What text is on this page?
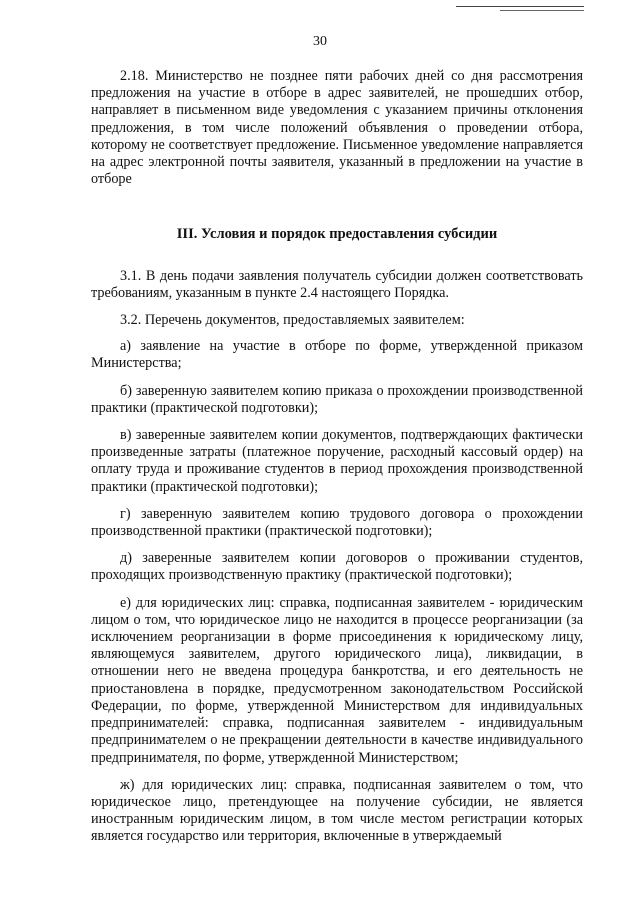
30

2.18. Министерство не позднее пяти рабочих дней со дня рассмотрения предложения на участие в отборе в адрес заявителей, не прошедших отбор, направляет в письменном виде уведомления с указанием причины отклонения предложения, в том числе положений объявления о проведении отбора, которому не соответствует предложение. Письменное уведомление направляется на адрес электронной почты заявителя, указанный в предложении на участие в отборе

III. Условия и порядок предоставления субсидии

3.1. В день подачи заявления получатель субсидии должен соответствовать требованиям, указанным в пункте 2.4 настоящего Порядка.

3.2. Перечень документов, предоставляемых заявителем:

а) заявление на участие в отборе по форме, утвержденной приказом Министерства;

б) заверенную заявителем копию приказа о прохождении производственной практики (практической подготовки);

в) заверенные заявителем копии документов, подтверждающих фактически произведенные затраты (платежное поручение, расходный кассовый ордер) на оплату труда и проживание студентов в период прохождения производственной практики (практической подготовки);

г) заверенную заявителем копию трудового договора о прохождении производственной практики (практической подготовки);

д) заверенные заявителем копии договоров о проживании студентов, проходящих производственную практику (практической подготовки);

е) для юридических лиц: справка, подписанная заявителем - юридическим лицом о том, что юридическое лицо не находится в процессе реорганизации (за исключением реорганизации в форме присоединения к юридическому лицу, являющемуся заявителем, другого юридического лица), ликвидации, в отношении него не введена процедура банкротства, и его деятельность не приостановлена в порядке, предусмотренном законодательством Российской Федерации, по форме, утвержденной Министерством для индивидуальных предпринимателей: справка, подписанная заявителем - индивидуальным предпринимателем о не прекращении деятельности в качестве индивидуального предпринимателя, по форме, утвержденной Министерством;

ж) для юридических лиц: справка, подписанная заявителем о том, что юридическое лицо, претендующее на получение субсидии, не является иностранным юридическим лицом, в том числе местом регистрации которых является государство или территория, включенные в утверждаемый
